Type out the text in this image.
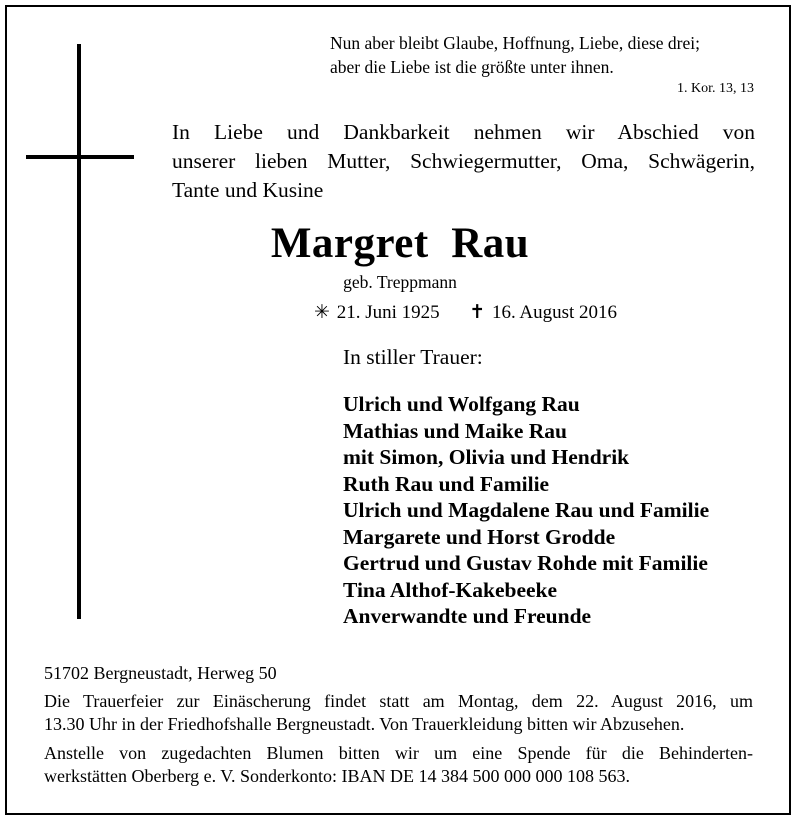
Nun aber bleibt Glaube, Hoffnung, Liebe, diese drei;
aber die Liebe ist die größte unter ihnen.
1. Kor. 13, 13
In Liebe und Dankbarkeit nehmen wir Abschied von
unserer lieben Mutter, Schwiegermutter, Oma, Schwägerin,
Tante und Kusine
Margret  Rau
geb. Treppmann
✳ 21. Juni 1925 ✝ 16. August 2016
In stiller Trauer:
Ulrich und Wolfgang Rau
Mathias und Maike Rau
mit Simon, Olivia und Hendrik
Ruth Rau und Familie
Ulrich und Magdalene Rau und Familie
Margarete und Horst Grodde
Gertrud und Gustav Rohde mit Familie
Tina Althof-Kakebeeke
Anverwandte und Freunde
51702 Bergneustadt, Herweg 50
Die Trauerfeier zur Einäscherung findet statt am Montag, dem 22. August 2016, um
13.30 Uhr in der Friedhofshalle Bergneustadt. Von Trauerkleidung bitten wir Abzusehen.
Anstelle von zugedachten Blumen bitten wir um eine Spende für die Behinderten-
werkstätten Oberberg e. V. Sonderkonto: IBAN DE 14 384 500 000 000 108 563.
